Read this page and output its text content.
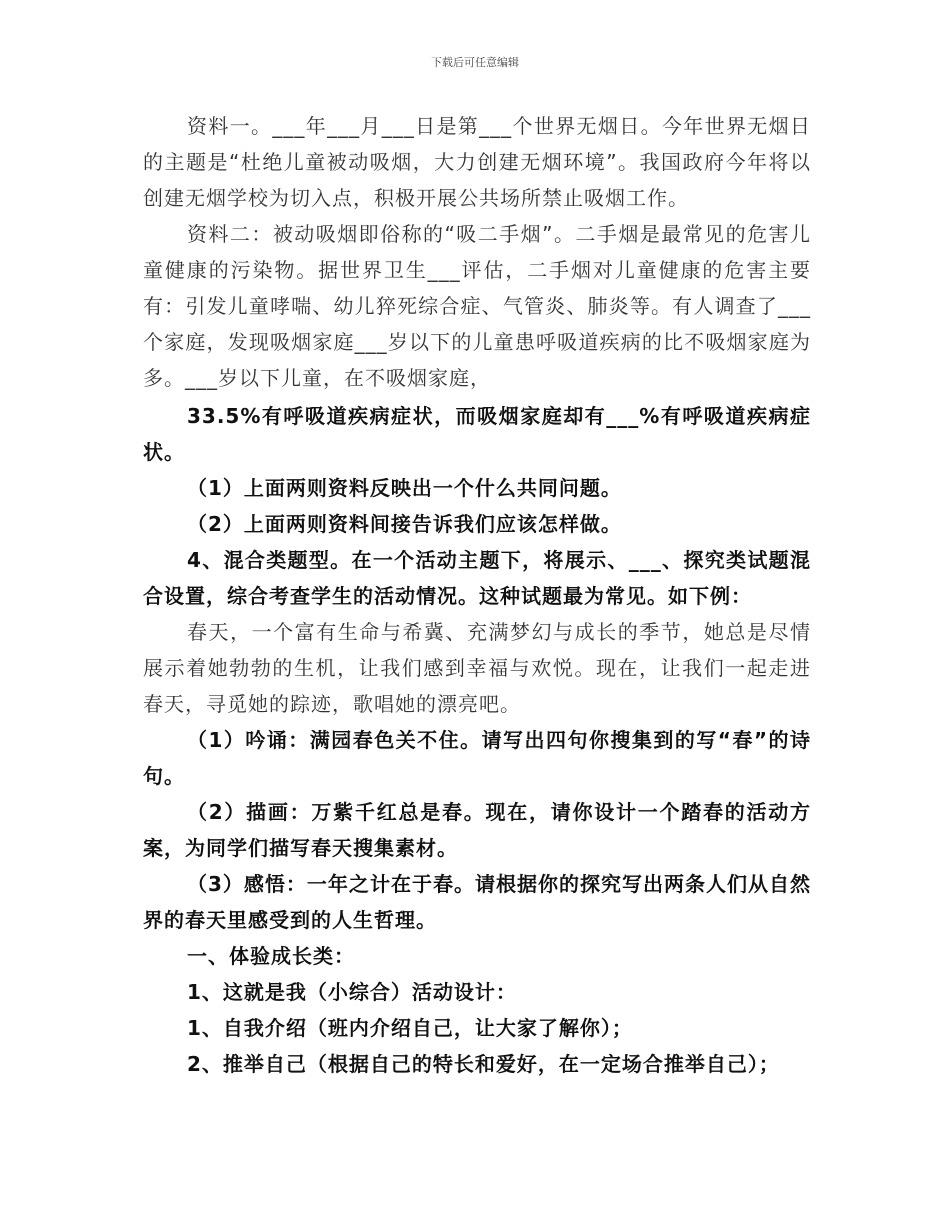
下载后可任意编辑

资料一。___年___月___日是第___个世界无烟日。今年世界无烟日的主题是“杜绝儿童被动吸烟，大力创建无烟环境”。我国政府今年将以创建无烟学校为切入点，积极开展公共场所禁止吸烟工作。

资料二：被动吸烟即俗称的“吸二手烟”。二手烟是最常见的危害儿童健康的污染物。据世界卫生___评估，二手烟对儿童健康的危害主要有：引发儿童哮喘、幼儿猝死综合症、气管炎、肺炎等。有人调查了___个家庭，发现吸烟家庭___岁以下的儿童患呼吸道疾病的比不吸烟家庭为多。___岁以下儿童，在不吸烟家庭，

33.5%有呼吸道疾病症状，而吸烟家庭却有___%有呼吸道疾病症状。

（1）上面两则资料反映出一个什么共同问题。

（2）上面两则资料间接告诉我们应该怎样做。

4、混合类题型。在一个活动主题下，将展示、___、探究类试题混合设置，综合考查学生的活动情况。这种试题最为常见。如下例：

春天，一个富有生命与希冀、充满梦幻与成长的季节，她总是尽情展示着她勃勃的生机，让我们感到幸福与欢悦。现在，让我们一起走进春天，寻觅她的踪迹，歌唱她的漂亮吧。

（1）吟诵：满园春色关不住。请写出四句你搜集到的写“春”的诗句。

（2）描画：万紫千红总是春。现在，请你设计一个踏春的活动方案，为同学们描写春天搜集素材。

（3）感悟：一年之计在于春。请根据你的探究写出两条人们从自然界的春天里感受到的人生哲理。

一、体验成长类：

1、这就是我（小综合）活动设计：

1、自我介绍（班内介绍自己，让大家了解你）；

2、推举自己（根据自己的特长和爱好，在一定场合推举自己）；
